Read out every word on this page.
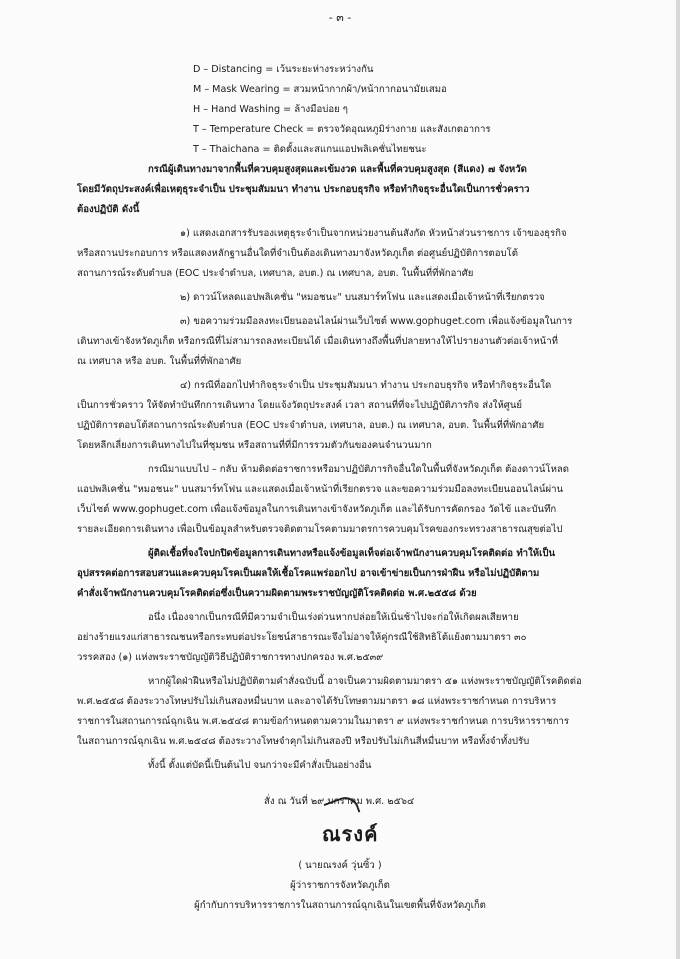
- ๓ -
D – Distancing = เว้นระยะห่างระหว่างกัน
M – Mask Wearing = สวมหน้ากากผ้า/หน้ากากอนามัยเสมอ
H – Hand Washing = ล้างมือบ่อย ๆ
T – Temperature Check = ตรวจวัดอุณหภูมิร่างกาย และสังเกตอาการ
T – Thaichana = ติดตั้งและสแกนแอปพลิเคชั่นไทยชนะ
กรณีผู้เดินทางมาจากพื้นที่ควบคุมสูงสุดและเข้มงวด และพื้นที่ควบคุมสูงสุด (สีแดง) ๗ จังหวัด
โดยมีวัตถุประสงค์เพื่อเหตุธุระจำเป็น ประชุมสัมมนา ทำงาน ประกอบธุรกิจ หรือทำกิจธุระอื่นใดเป็นการชั่วคราว
ต้องปฏิบัติ ดังนี้
๑) แสดงเอกสารรับรองเหตุธุระจำเป็นจากหน่วยงานต้นสังกัด หัวหน้าส่วนราชการ เจ้าของธุรกิจ
หรือสถานประกอบการ หรือแสดงหลักฐานอื่นใดที่จำเป็นต้องเดินทางมาจังหวัดภูเก็ต ต่อศูนย์ปฏิบัติการตอบโต้
สถานการณ์ระดับตำบล (EOC ประจำตำบล, เทศบาล, อบต.) ณ เทศบาล, อบต. ในพื้นที่ที่พักอาศัย
๒) ดาวน์โหลดแอปพลิเคชั่น "หมอชนะ" บนสมาร์ทโฟน และแสดงเมื่อเจ้าหน้าที่เรียกตรวจ
๓) ขอความร่วมมือลงทะเบียนออนไลน์ผ่านเว็บไซต์ www.gophuget.com เพื่อแจ้งข้อมูลในการ
เดินทางเข้าจังหวัดภูเก็ต หรือกรณีที่ไม่สามารถลงทะเบียนได้ เมื่อเดินทางถึงพื้นที่ปลายทางให้ไปรายงานตัวต่อเจ้าหน้าที่
ณ เทศบาล หรือ อบต. ในพื้นที่ที่พักอาศัย
๔) กรณีที่ออกไปทำกิจธุระจำเป็น ประชุมสัมมนา ทำงาน ประกอบธุรกิจ หรือทำกิจธุระอื่นใด
เป็นการชั่วคราว ให้จัดทำบันทึกการเดินทาง โดยแจ้งวัตถุประสงค์ เวลา สถานที่ที่จะไปปฏิบัติภารกิจ ส่งให้ศูนย์
ปฏิบัติการตอบโต้สถานการณ์ระดับตำบล (EOC ประจำตำบล, เทศบาล, อบต.) ณ เทศบาล, อบต. ในพื้นที่ที่พักอาศัย
โดยหลีกเลี่ยงการเดินทางไปในที่ชุมชน หรือสถานที่ที่มีการรวมตัวกันของคนจำนวนมาก
กรณีมาแบบไป – กลับ ห้ามติดต่อราชการหรือมาปฏิบัติภารกิจอื่นใดในพื้นที่จังหวัดภูเก็ต ต้องดาวน์โหลด
แอปพลิเคชั่น "หมอชนะ" บนสมาร์ทโฟน และแสดงเมื่อเจ้าหน้าที่เรียกตรวจ และขอความร่วมมือลงทะเบียนออนไลน์ผ่าน
เว็บไซต์ www.gophuget.com เพื่อแจ้งข้อมูลในการเดินทางเข้าจังหวัดภูเก็ต และได้รับการคัดกรอง วัดไข้ และบันทึก
รายละเอียดการเดินทาง เพื่อเป็นข้อมูลสำหรับตรวจติดตามโรคตามมาตรการควบคุมโรคของกระทรวงสาธารณสุขต่อไป
ผู้ติดเชื้อที่จงใจปกปิดข้อมูลการเดินทางหรือแจ้งข้อมูลเท็จต่อเจ้าพนักงานควบคุมโรคติดต่อ ทำให้เป็น
อุปสรรคต่อการสอบสวนและควบคุมโรคเป็นผลให้เชื้อโรคแพร่ออกไป อาจเข้าข่ายเป็นการฝ่าฝืน หรือไม่ปฏิบัติตาม
คำสั่งเจ้าพนักงานควบคุมโรคติดต่อซึ่งเป็นความผิดตามพระราชบัญญัติโรคติดต่อ พ.ศ.๒๕๕๘ ด้วย
อนึ่ง เนื่องจากเป็นกรณีที่มีความจำเป็นเร่งด่วนหากปล่อยให้เนิ่นช้าไปจะก่อให้เกิดผลเสียหาย
อย่างร้ายแรงแก่สาธารณชนหรือกระทบต่อประโยชน์สาธารณะจึงไม่อาจให้คู่กรณีใช้สิทธิโต้แย้งตามมาตรา ๓๐
วรรคสอง (๑) แห่งพระราชบัญญัติวิธีปฏิบัติราชการทางปกครอง พ.ศ.๒๕๓๙
หากผู้ใดฝ่าฝืนหรือไม่ปฏิบัติตามคำสั่งฉบับนี้ อาจเป็นความผิดตามมาตรา ๕๑ แห่งพระราชบัญญัติโรคติดต่อ
พ.ศ.๒๕๕๘ ต้องระวางโทษปรับไม่เกินสองหมื่นบาท และอาจได้รับโทษตามมาตรา ๑๘ แห่งพระราชกำหนด การบริหาร
ราชการในสถานการณ์ฉุกเฉิน พ.ศ.๒๕๔๘ ตามข้อกำหนดตามความในมาตรา ๙ แห่งพระราชกำหนด การบริหารราชการ
ในสถานการณ์ฉุกเฉิน พ.ศ.๒๕๔๘ ต้องระวางโทษจำคุกไม่เกินสองปี หรือปรับไม่เกินสี่หมื่นบาท หรือทั้งจำทั้งปรับ
ทั้งนี้ ตั้งแต่บัดนี้เป็นต้นไป จนกว่าจะมีคำสั่งเป็นอย่างอื่น
สั่ง ณ วันที่ ๒๙ มกราคม พ.ศ. ๒๕๖๔
ณรงค์
( นายณรงค์ วุ่นซิ้ว )
ผู้ว่าราชการจังหวัดภูเก็ต
ผู้กำกับการบริหารราชการในสถานการณ์ฉุกเฉินในเขตพื้นที่จังหวัดภูเก็ต
